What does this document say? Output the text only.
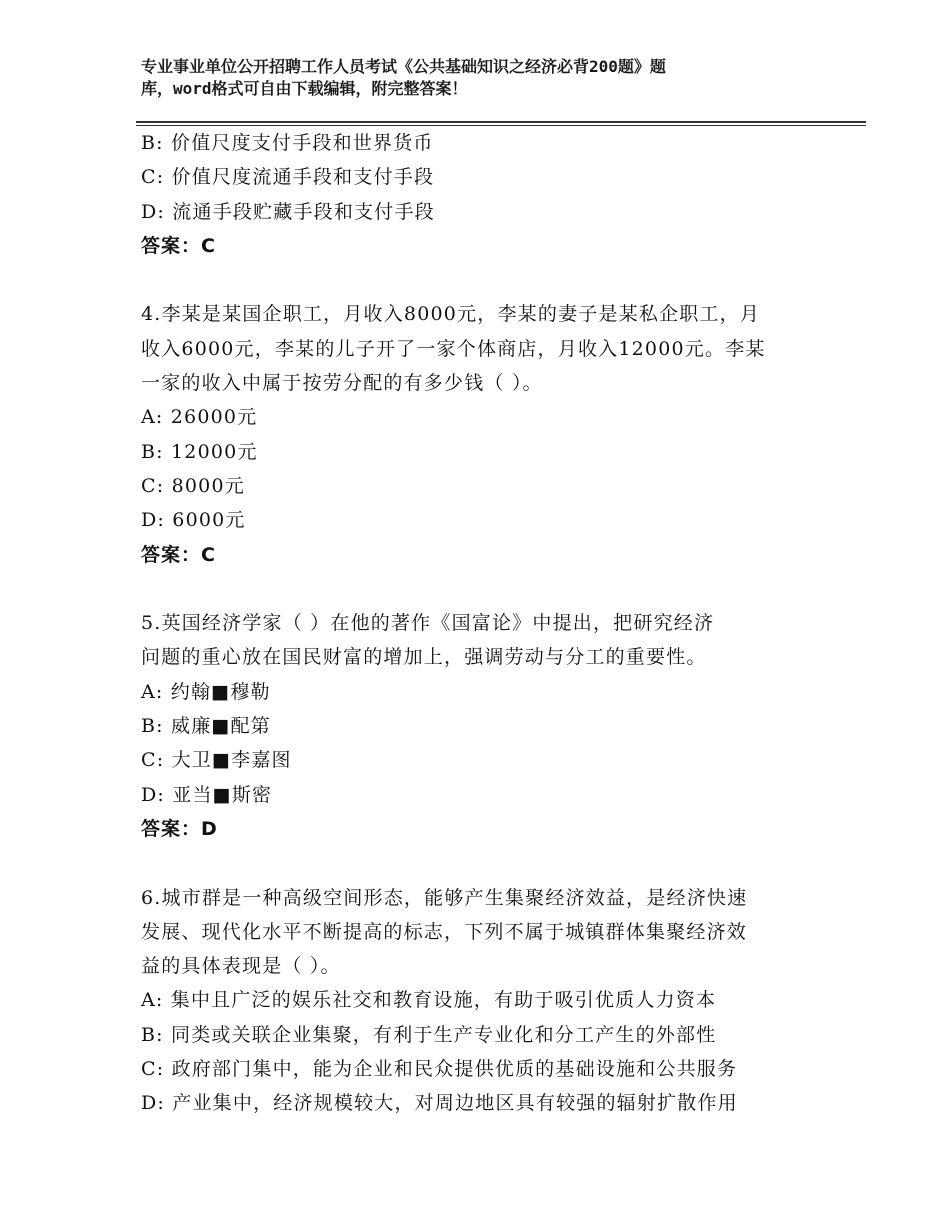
专业事业单位公开招聘工作人员考试《公共基础知识之经济必背200题》题
库，word格式可自由下载编辑，附完整答案！
B: 价值尺度支付手段和世界货币
C: 价值尺度流通手段和支付手段
D: 流通手段贮藏手段和支付手段
答案：C
4.李某是某国企职工，月收入8000元，李某的妻子是某私企职工，月
收入6000元，李某的儿子开了一家个体商店，月收入12000元。李某
一家的收入中属于按劳分配的有多少钱（ ）。
A: 26000元
B: 12000元
C: 8000元
D: 6000元
答案：C
5.英国经济学家（ ）在他的著作《国富论》中提出，把研究经济
问题的重心放在国民财富的增加上，强调劳动与分工的重要性。
A: 约翰■穆勒
B: 威廉■配第
C: 大卫■李嘉图
D: 亚当■斯密
答案：D
6.城市群是一种高级空间形态，能够产生集聚经济效益，是经济快速
发展、现代化水平不断提高的标志，下列不属于城镇群体集聚经济效
益的具体表现是（ ）。
A: 集中且广泛的娱乐社交和教育设施，有助于吸引优质人力资本
B: 同类或关联企业集聚，有利于生产专业化和分工产生的外部性
C: 政府部门集中，能为企业和民众提供优质的基础设施和公共服务
D: 产业集中，经济规模较大，对周边地区具有较强的辐射扩散作用
